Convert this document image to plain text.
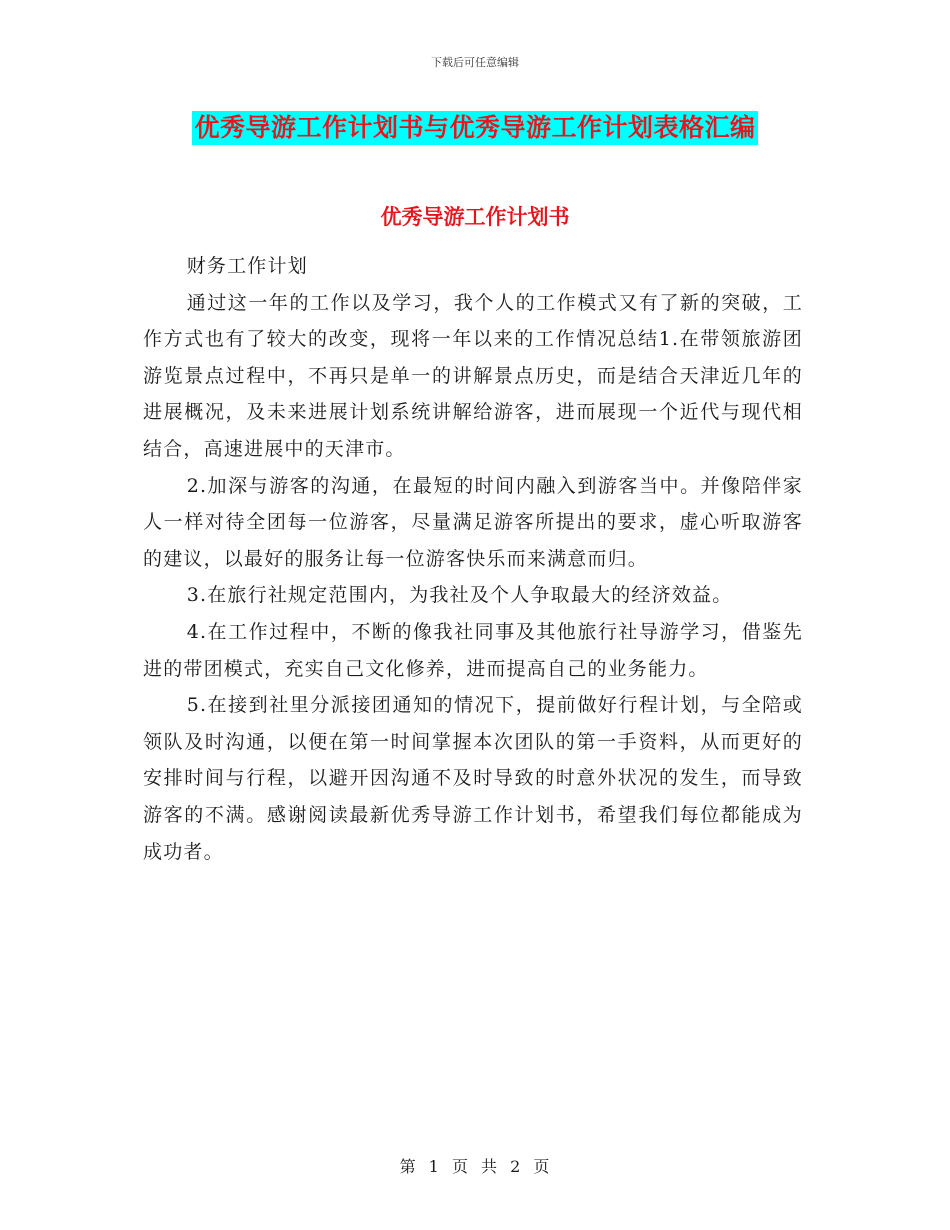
下载后可任意编辑
优秀导游工作计划书与优秀导游工作计划表格汇编
优秀导游工作计划书

财务工作计划

通过这一年的工作以及学习，我个人的工作模式又有了新的突破，工作方式也有了较大的改变，现将一年以来的工作情况总结1.在带领旅游团游览景点过程中，不再只是单一的讲解景点历史，而是结合天津近几年的进展概况，及未来进展计划系统讲解给游客，进而展现一个近代与现代相结合，高速进展中的天津市。

2.加深与游客的沟通，在最短的时间内融入到游客当中。并像陪伴家人一样对待全团每一位游客，尽量满足游客所提出的要求，虚心听取游客的建议，以最好的服务让每一位游客快乐而来满意而归。

3.在旅行社规定范围内，为我社及个人争取最大的经济效益。

4.在工作过程中，不断的像我社同事及其他旅行社导游学习，借鉴先进的带团模式，充实自己文化修养，进而提高自己的业务能力。

5.在接到社里分派接团通知的情况下，提前做好行程计划，与全陪或领队及时沟通，以便在第一时间掌握本次团队的第一手资料，从而更好的安排时间与行程，以避开因沟通不及时导致的时意外状况的发生，而导致游客的不满。感谢阅读最新优秀导游工作计划书，希望我们每位都能成为成功者。

第 1 页 共 2 页
